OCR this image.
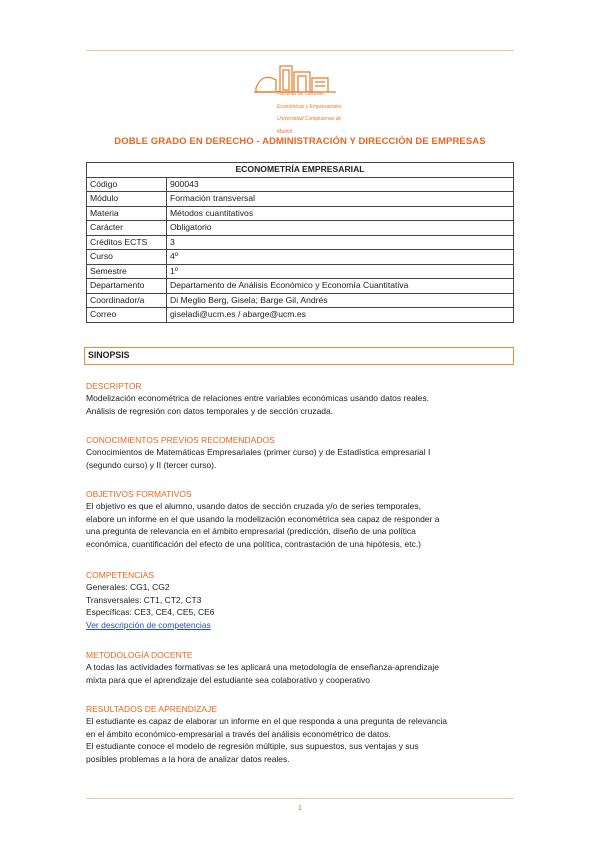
Facultad de Ciencias
Económicas y Empresariales
Universidad Complutense de Madrid
DOBLE GRADO EN DERECHO - ADMINISTRACIÓN Y DIRECCIÓN DE EMPRESAS
ECONOMETRÍA EMPRESARIAL	
Código	900043
Módulo	Formación transversal
Materia	Métodos cuantitativos
Carácter	Obligatorio
Créditos ECTS	3
Curso	4º
Semestre	1º
Departamento	Departamento de Análisis Económico y Economía Cuantitativa
Coordinador/a	Di Meglio Berg, Gisela; Barge Gil, Andrés
Correo	giseladi@ucm.es / abarge@ucm.es
SINOPSIS
DESCRIPTOR
Modelización econométrica de relaciones entre variables económicas usando datos reales.
Análisis de regresión con datos temporales y de sección cruzada.
CONOCIMIENTOS PREVIOS RECOMENDADOS
Conocimientos de Matemáticas Empresariales (primer curso) y de Estadística empresarial I
(segundo curso) y II (tercer curso).
OBJETIVOS FORMATIVOS
El objetivo es que el alumno, usando datos de sección cruzada y/o de series temporales,
elabore un informe en el que usando la modelización econométrica sea capaz de responder a
una pregunta de relevancia en el ámbito empresarial (predicción, diseño de una política
económica, cuantificación del efecto de una política, contrastación de una hipótesis, etc.)
COMPETENCIAS
Generales: CG1, CG2
Transversales: CT1, CT2, CT3
Específicas: CE3, CE4, CE5, CE6
Ver descripción de competencias
METODOLOGÍA DOCENTE
A todas las actividades formativas se les aplicará una metodología de enseñanza-aprendizaje
mixta para que el aprendizaje del estudiante sea colaborativo y cooperativo
RESULTADOS DE APRENDIZAJE
El estudiante es capaz de elaborar un informe en el que responda a una pregunta de relevancia
en el ámbito económico-empresarial a través del análisis econométrico de datos.
El estudiante conoce el modelo de regresión múltiple, sus supuestos, sus ventajas y sus
posibles problemas a la hora de analizar datos reales.
1
